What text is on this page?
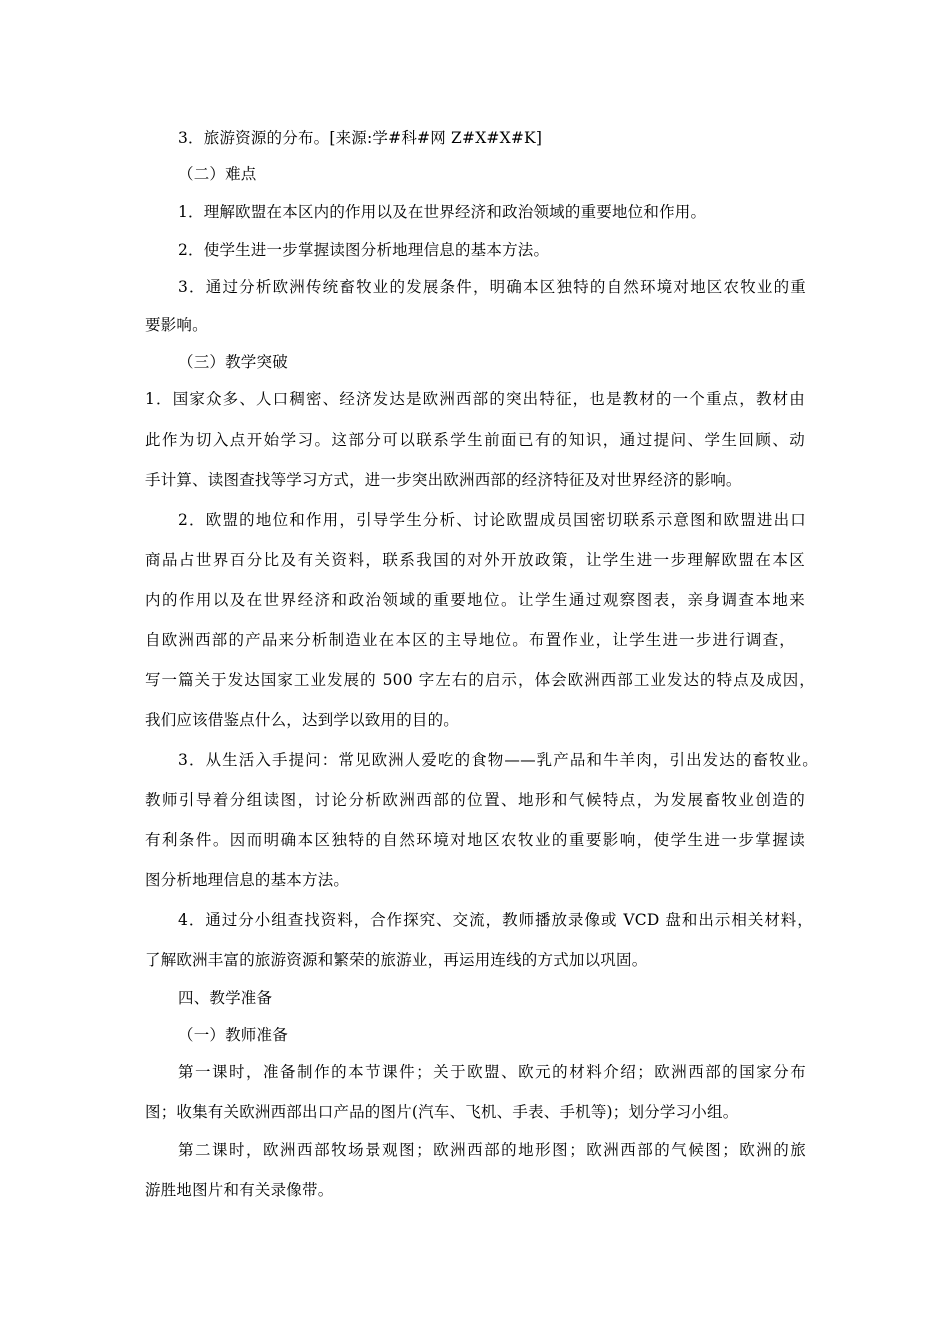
3．旅游资源的分布。[来源:学#科#网 Z#X#X#K]
（二）难点
1．理解欧盟在本区内的作用以及在世界经济和政治领域的重要地位和作用。
2．使学生进一步掌握读图分析地理信息的基本方法。
3．通过分析欧洲传统畜牧业的发展条件，明确本区独特的自然环境对地区农牧业的重
要影响。
（三）教学突破
1．国家众多、人口稠密、经济发达是欧洲西部的突出特征，也是教材的一个重点，教材由
此作为切入点开始学习。这部分可以联系学生前面已有的知识，通过提问、学生回顾、动
手计算、读图查找等学习方式，进一步突出欧洲西部的经济特征及对世界经济的影响。
2．欧盟的地位和作用，引导学生分析、讨论欧盟成员国密切联系示意图和欧盟进出口
商品占世界百分比及有关资料，联系我国的对外开放政策，让学生进一步理解欧盟在本区
内的作用以及在世界经济和政治领域的重要地位。让学生通过观察图表，亲身调查本地来
自欧洲西部的产品来分析制造业在本区的主导地位。布置作业，让学生进一步进行调查，
写一篇关于发达国家工业发展的 500 字左右的启示，体会欧洲西部工业发达的特点及成因，
我们应该借鉴点什么，达到学以致用的目的。
3．从生活入手提问：常见欧洲人爱吃的食物——乳产品和牛羊肉，引出发达的畜牧业。
教师引导着分组读图，讨论分析欧洲西部的位置、地形和气候特点，为发展畜牧业创造的
有利条件。因而明确本区独特的自然环境对地区农牧业的重要影响，使学生进一步掌握读
图分析地理信息的基本方法。
4．通过分小组查找资料，合作探究、交流，教师播放录像或 VCD 盘和出示相关材料，
了解欧洲丰富的旅游资源和繁荣的旅游业，再运用连线的方式加以巩固。
四、教学准备
（一）教师准备
第一课时，准备制作的本节课件；关于欧盟、欧元的材料介绍；欧洲西部的国家分布
图；收集有关欧洲西部出口产品的图片(汽车、飞机、手表、手机等)；划分学习小组。
第二课时，欧洲西部牧场景观图；欧洲西部的地形图；欧洲西部的气候图；欧洲的旅
游胜地图片和有关录像带。
